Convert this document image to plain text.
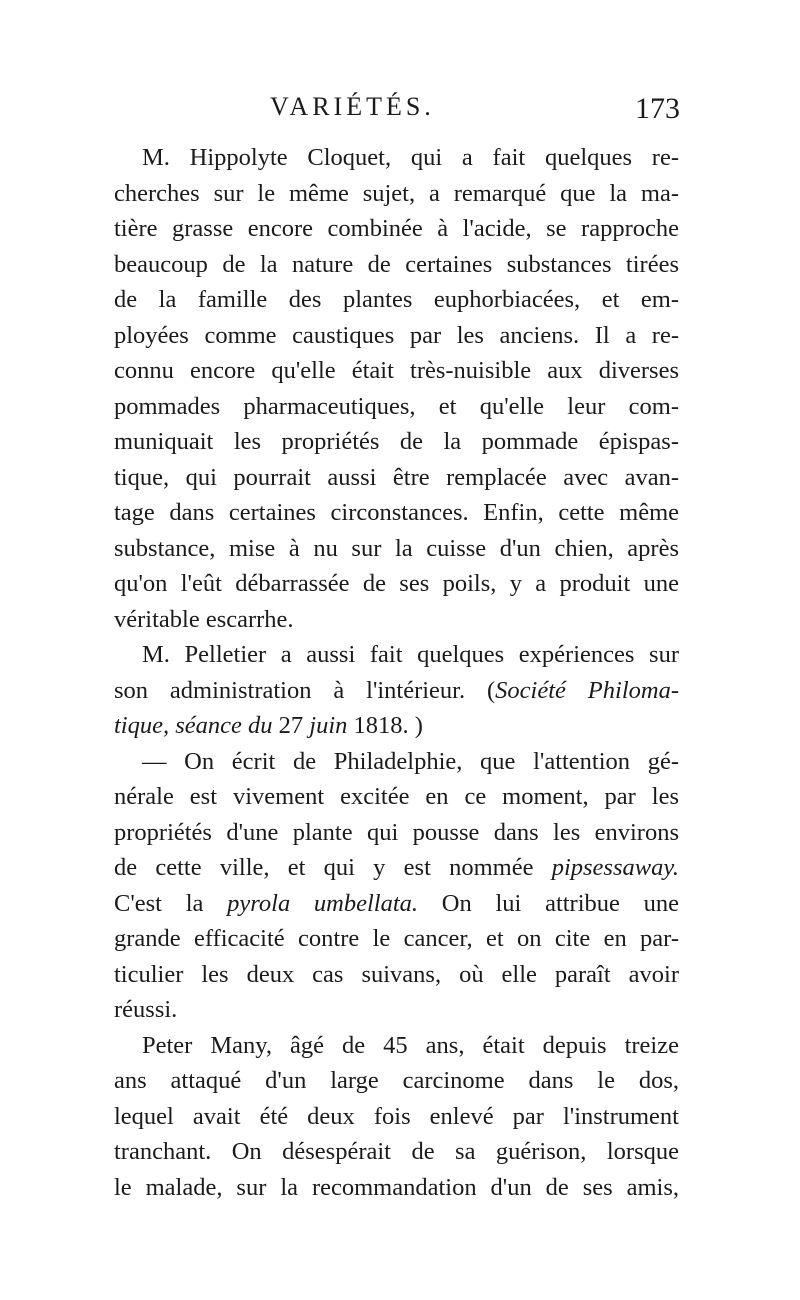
VARIÉTÉS.	173
M. Hippolyte Cloquet, qui a fait quelques re-
cherches sur le même sujet, a remarqué que la ma-
tière grasse encore combinée à l'acide, se rapproche
beaucoup de la nature de certaines substances tirées
de la famille des plantes euphorbiacées, et em-
ployées comme caustiques par les anciens. Il a re-
connu encore qu'elle était très-nuisible aux diverses
pommades pharmaceutiques, et qu'elle leur com-
muniquait les propriétés de la pommade épispas-
tique, qui pourrait aussi être remplacée avec avan-
tage dans certaines circonstances. Enfin, cette même
substance, mise à nu sur la cuisse d'un chien, après
qu'on l'eût débarrassée de ses poils, y a produit une
véritable escarrhe.
M. Pelletier a aussi fait quelques expériences sur
son administration à l'intérieur. (Société Philoma-
tique, séance du 27 juin 1818. )
— On écrit de Philadelphie, que l'attention gé-
nérale est vivement excitée en ce moment, par les
propriétés d'une plante qui pousse dans les environs
de cette ville, et qui y est nommée pipsessaway.
C'est la pyrola umbellata. On lui attribue une
grande efficacité contre le cancer, et on cite en par-
ticulier les deux cas suivans, où elle paraît avoir
réussi.
Peter Many, âgé de 45 ans, était depuis treize
ans attaqué d'un large carcinome dans le dos,
lequel avait été deux fois enlevé par l'instrument
tranchant. On désespérait de sa guérison, lorsque
le malade, sur la recommandation d'un de ses amis,
